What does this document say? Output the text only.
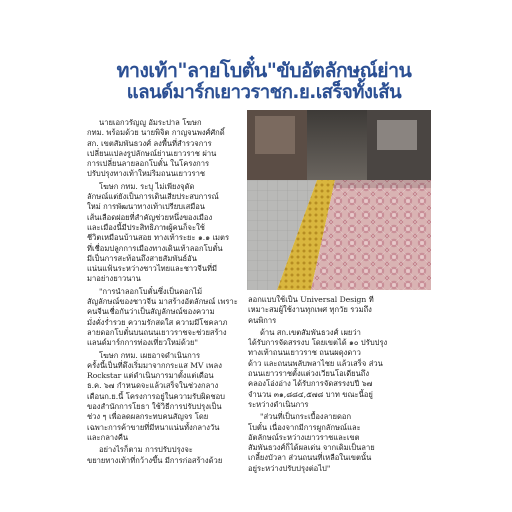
ทางเท้า"ลายโบตั๋น"ขับอัตลักษณ์ย่าน
แลนด์มาร์กเยาวราชก.ย.เสร็จทั้งเส้น

นายเอกวรัญญู อัมระปาล โฆษก
กทม. พร้อมด้วย นายพิจิต กาญจนพงศ์ศักดิ์
สก. เขตสัมพันธวงศ์ ลงพื้นที่สำรวจการ
เปลี่ยนแปลงรูปลักษณ์ย่านเยาวราช ผ่าน
การเปลี่ยนลายลอกโบตั๋น ในโครงการ
ปรับปรุงทางเท้าใหม่ริมถนนเยาวราช

โฆษก กทม. ระบุ ไม่เพียงจุดัด
ลักษณ์แต่ยังเป็นการเดินเสียประสบการณ์
ใหม่ การพัฒนาทางเท้าเปรียบเสมือน
เส้นเลือดฝอยที่สำคัญช่วยหนึ่งของเมือง
และเมืองนี้มีประสิทธิภาพผู้คนก็จะใช้
ชีวิตเหมือนบ้านสอย ทางเท้าระยะ ๑.๑ เมตร
ที่เชื่อมปลูกการเมืองทางเดินเท้าลอกโบตั๋น
มีเป็นการสะท้อนถึงสายสัมพันธ์อัน
แน่นแฟ้นระหว่างชาวไทยและชาวจีนที่มี
มาอย่างยาวนาน

"การนำลอกโบตั๋นซึ่งเป็นดอกไม้
สัญลักษณ์ของชาวจีน มาสร้างอัตลักษณ์ เพราะ
คนจีนเชื่อกันว่าเป็นสัญลักษณ์ของความ
มั่งคั่งร่ำรวย ความรักสดใส ความมีโชคลาภ
ลายดอกโบตั๋นบนถนนเยาวราชจะช่วยสร้าง
แลนด์มาร์กการท่องเที่ยวใหม่ด้วย"

โฆษก กทม. เผยอาจดำเนินการ
ครั้งนี้เป็นที่ดึงเริ่มมาจากกระแส MV เพลง
Rockstar แต่ดำเนินการมาตั้งแต่เดือน
ธ.ค. ๖๗ กำหนดจะแล้วเสร็จในช่วงกลาง
เดือนก.ย.นี้ โครงการอยู่ในความรับผิดชอบ
ของสำนักการโยธา ใช้วิธีการปรับปรุงเป็น
ช่วง ๆ เพื่อลดผลกระทบคนสัญจร โดย
เฉพาะการค้าขายที่มีหนาแน่นทั้งกลางวัน
และกลางคืน

อย่างไรก็ตาม การปรับปรุงจะ
ขยายทางเท้าที่กว้างขึ้น มีการก่อสร้างด้วย

ลอกแบบใช้เป็น Universal Design ที่
เหมาะสมผู้ใช้งานทุกเพศ ทุกวัย รวมถึง
คนพิการ

ด้าน สก.เขตสัมพันธวงศ์ เผยว่า
ได้รับการจัดสรรงบ โดยเขตได้ ๑๐ ปรับปรุง
ทางเท้าถนนเยาวราช ถนนผดุงดาว
ด้าว และถนนพลับพลาไชย แล้วเสร็จ ส่วน
ถนนเยาวราชตั้งแต่วงเวียนโอเดียนถึง
คลองโอ่งอ่าง ได้รับการจัดสรรงบปี ๖๗
จำนวน ๓๑,๘๘๔,๕๗๘ บาท ขณะนี้อยู่
ระหว่างดำเนินการ

"ส่วนที่เป็นกระเบื้องลายดอก
โบตั๋น เนื่องจากมีการผูกลักษณ์และ
อัตลักษณ์ระหว่างเยาวราชและเขต
สัมพันธวงศ์ก็ได้ผลเด่น จากเดิมเป็นลาย
เกลี้ยงบัวลา ส่วนถนนที่เหลือในเขตนั้น
อยู่ระหว่างปรับปรุงต่อไป"
